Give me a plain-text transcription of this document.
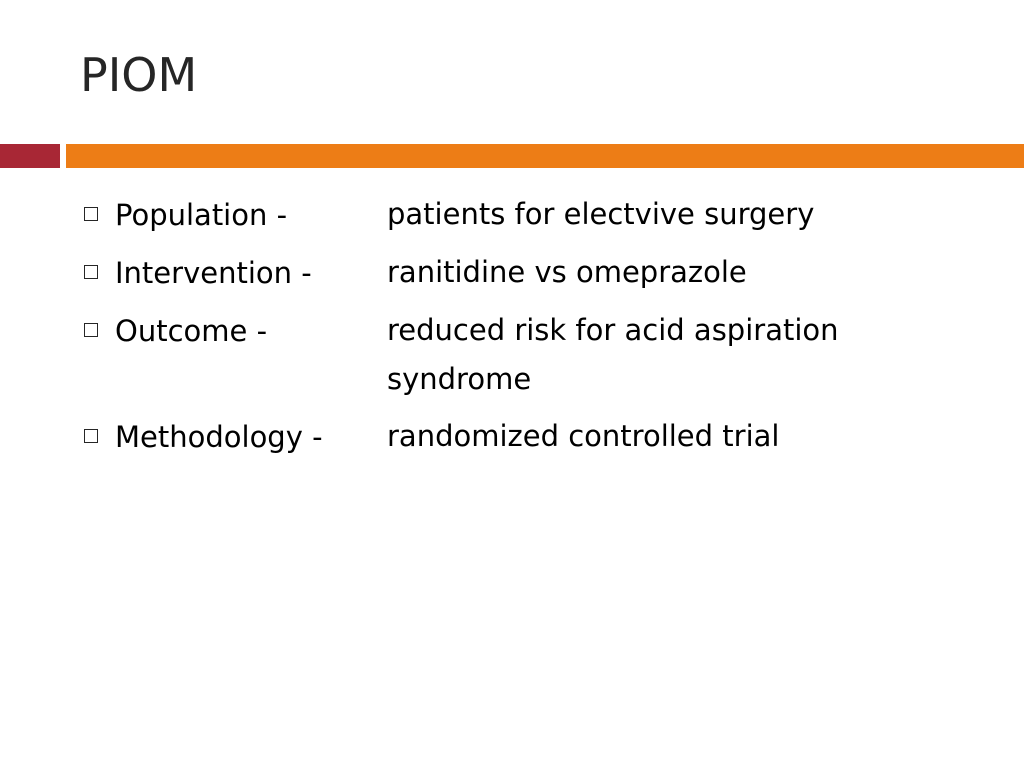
PIOM
Population -	patients for electvive surgery
Intervention -	ranitidine vs omeprazole
Outcome -	reduced risk for acid aspiration syndrome
Methodology -	randomized controlled trial
